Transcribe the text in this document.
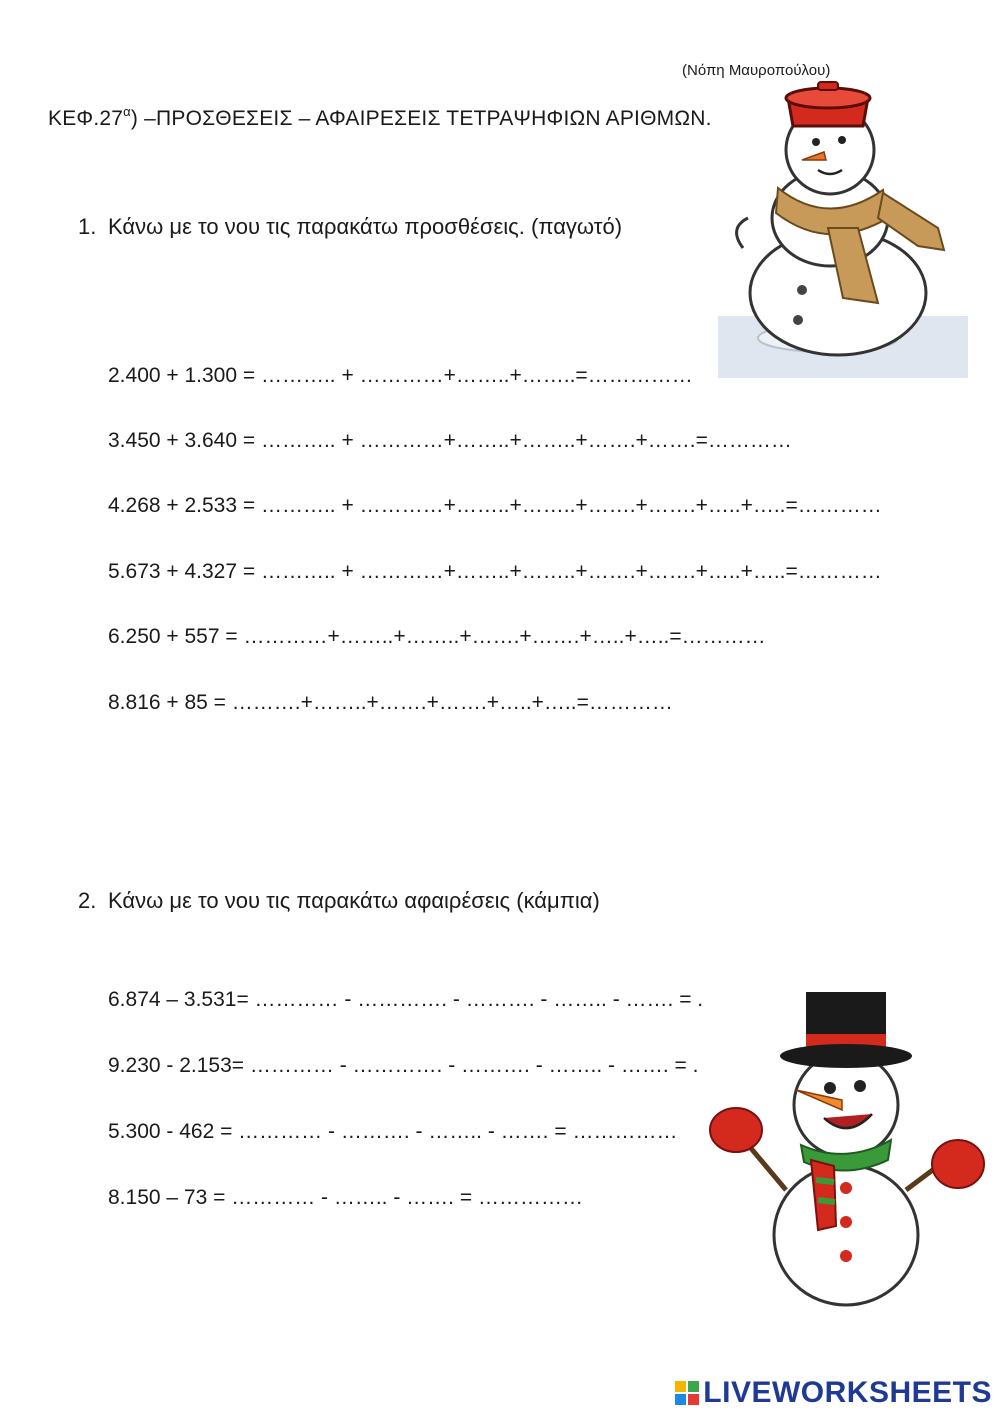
(Νόπη Μαυροπούλου)
$KE\Phi.27^\alpha$) –ΠΡΟΣΘΕΣΕΙΣ – ΑΦΑΙΡΕΣΕΙΣ ΤΕΤΡΑΨΗΦΙΩΝ ΑΡΙΘΜΩΝ.
1. Κάνω με το νου τις παρακάτω προσθέσεις. (παγωτό)
2.400 + 1.300 = ……….. + …………+……..+……..=……………
3.450 + 3.640 = ……….. + …………+……..+……..+…….+…….=…………
4.268 + 2.533 = ……….. + …………+……..+……..+…….+…….+…..+…..=…………
5.673 + 4.327 = ……….. + …………+……..+……..+…….+…….+…..+…..=…………
6.250 + 557 = …………+……..+……..+…….+…….+…..+…..=…………
8.816 + 85 = ……….+……..+…….+…….+…..+…..=…………
2. Κάνω με το νου τις παρακάτω αφαιρέσεις (κάμπια)
6.874 – 3.531= ………… - …………. - ………. - …….. - ……. = .
9.230 - 2.153= ………… - …………. - ………. - …….. - ……. = .
5.300 - 462 = ………… - ………. - …….. - ……. = ……………
8.150 – 73 = ………… - …….. - ……. = ……………
LIVEWORKSHEETS
